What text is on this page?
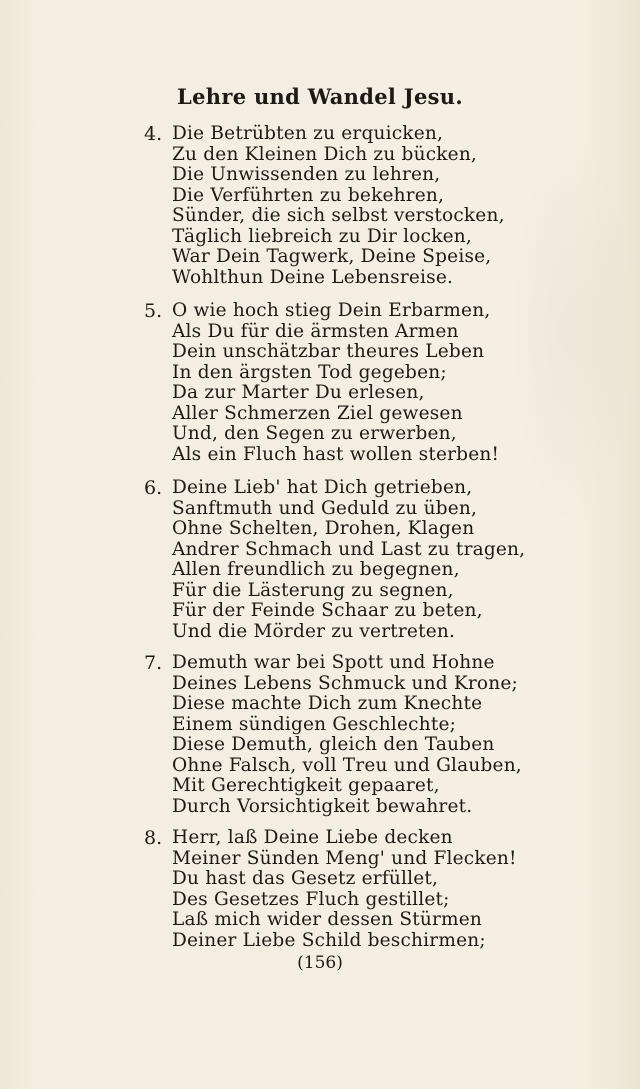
Lehre und Wandel Jesu.
4. Die Betrübten zu erquicken,
Zu den Kleinen Dich zu bücken,
Die Unwissenden zu lehren,
Die Verführten zu bekehren,
Sünder, die sich selbst verstocken,
Täglich liebreich zu Dir locken,
War Dein Tagwerk, Deine Speise,
Wohlthun Deine Lebensreise.
5. O wie hoch stieg Dein Erbarmen,
Als Du für die ärmsten Armen
Dein unschätzbar theures Leben
In den ärgsten Tod gegeben;
Da zur Marter Du erlesen,
Aller Schmerzen Ziel gewesen
Und, den Segen zu erwerben,
Als ein Fluch hast wollen sterben!
6. Deine Lieb' hat Dich getrieben,
Sanftmuth und Geduld zu üben,
Ohne Schelten, Drohen, Klagen
Andrer Schmach und Last zu tragen,
Allen freundlich zu begegnen,
Für die Lästerung zu segnen,
Für der Feinde Schaar zu beten,
Und die Mörder zu vertreten.
7. Demuth war bei Spott und Hohne
Deines Lebens Schmuck und Krone;
Diese machte Dich zum Knechte
Einem sündigen Geschlechte;
Diese Demuth, gleich den Tauben
Ohne Falsch, voll Treu und Glauben,
Mit Gerechtigkeit gepaaret,
Durch Vorsichtigkeit bewahret.
8. Herr, laß Deine Liebe decken
Meiner Sünden Meng' und Flecken!
Du hast das Gesetz erfüllet,
Des Gesetzes Fluch gestillet;
Laß mich wider dessen Stürmen
Deiner Liebe Schild beschirmen;
(156)
